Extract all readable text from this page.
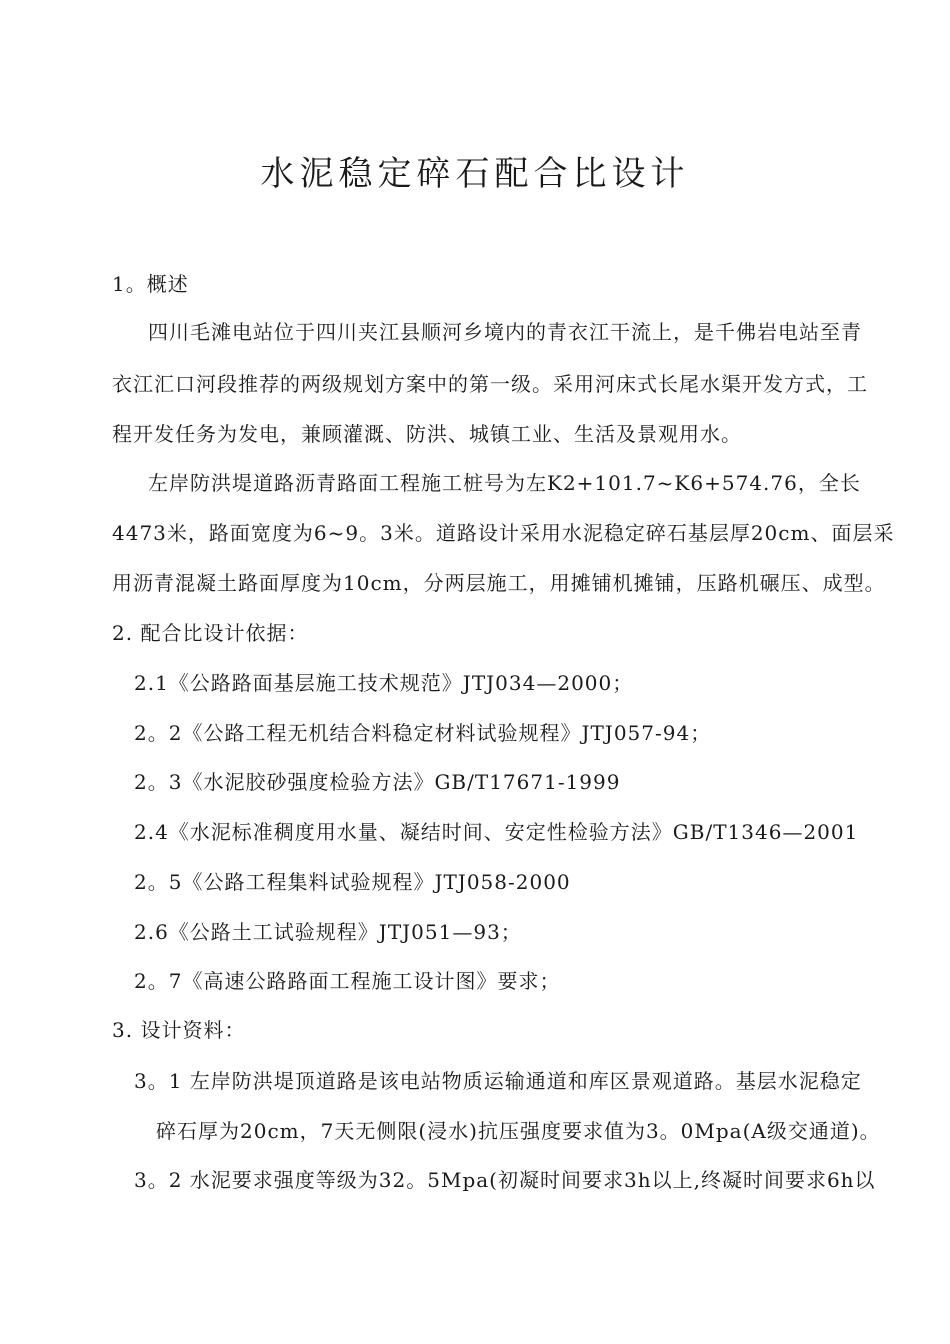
水泥稳定碎石配合比设计
1。概述
四川毛滩电站位于四川夹江县顺河乡境内的青衣江干流上，是千佛岩电站至青
衣江汇口河段推荐的两级规划方案中的第一级。采用河床式长尾水渠开发方式，工
程开发任务为发电，兼顾灌溉、防洪、城镇工业、生活及景观用水。
左岸防洪堤道路沥青路面工程施工桩号为左K2+101.7~K6+574.76，全长
4473米，路面宽度为6~9。3米。道路设计采用水泥稳定碎石基层厚20cm、面层采
用沥青混凝土路面厚度为10cm，分两层施工，用摊铺机摊铺，压路机碾压、成型。
2. 配合比设计依据：
2.1《公路路面基层施工技术规范》JTJ034—2000；
2。2《公路工程无机结合料稳定材料试验规程》JTJ057-94；
2。3《水泥胶砂强度检验方法》GB/T17671-1999
2.4《水泥标准稠度用水量、凝结时间、安定性检验方法》GB/T1346—2001
2。5《公路工程集料试验规程》JTJ058-2000
2.6《公路土工试验规程》JTJ051—93；
2。7《高速公路路面工程施工设计图》要求；
3. 设计资料：
3。1 左岸防洪堤顶道路是该电站物质运输通道和库区景观道路。基层水泥稳定
碎石厚为20cm，7天无侧限(浸水)抗压强度要求值为3。0Mpa(A级交通道)。
3。2 水泥要求强度等级为32。5Mpa(初凝时间要求3h以上,终凝时间要求6h以
